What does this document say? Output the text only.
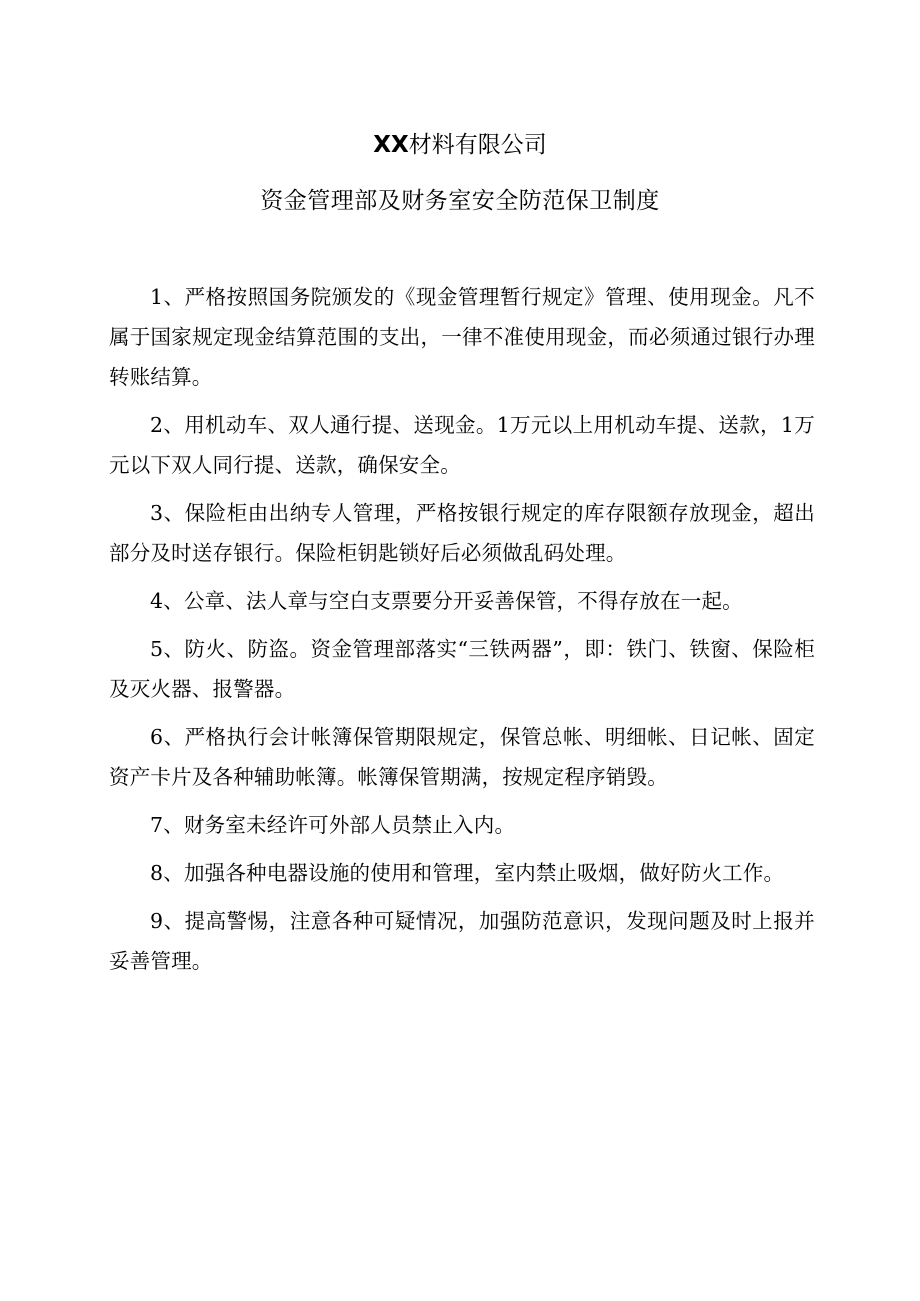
XX材料有限公司
资金管理部及财务室安全防范保卫制度

1、严格按照国务院颁发的《现金管理暂行规定》管理、使用现金。凡不属于国家规定现金结算范围的支出，一律不准使用现金，而必须通过银行办理转账结算。

2、用机动车、双人通行提、送现金。1万元以上用机动车提、送款，1万元以下双人同行提、送款，确保安全。

3、保险柜由出纳专人管理，严格按银行规定的库存限额存放现金，超出部分及时送存银行。保险柜钥匙锁好后必须做乱码处理。

4、公章、法人章与空白支票要分开妥善保管，不得存放在一起。

5、防火、防盗。资金管理部落实“三铁两器”，即：铁门、铁窗、保险柜及灭火器、报警器。

6、严格执行会计帐簿保管期限规定，保管总帐、明细帐、日记帐、固定资产卡片及各种辅助帐簿。帐簿保管期满，按规定程序销毁。

7、财务室未经许可外部人员禁止入内。

8、加强各种电器设施的使用和管理，室内禁止吸烟，做好防火工作。

9、提高警惕，注意各种可疑情况，加强防范意识，发现问题及时上报并妥善管理。
